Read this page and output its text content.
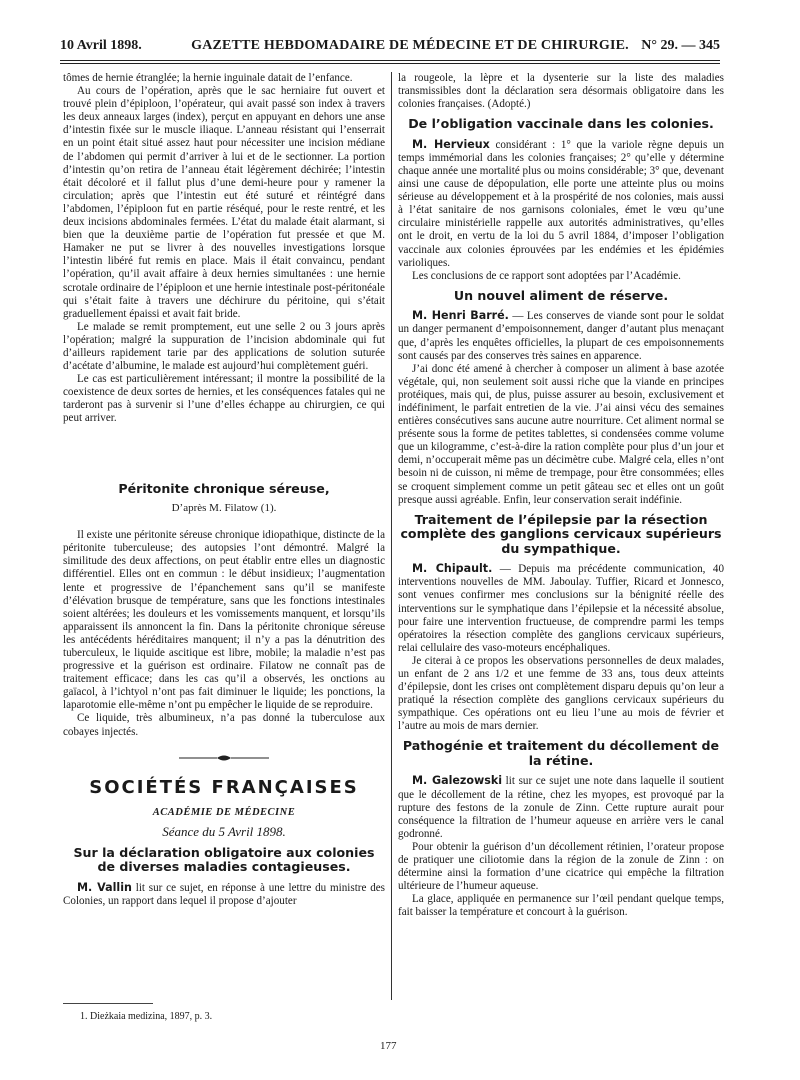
10 Avril 1898.	GAZETTE HEBDOMADAIRE DE MÉDECINE ET DE CHIRURGIE. N° 29. — 345

tômes de hernie étranglée; la hernie inguinale datait de l’enfance.

Au cours de l’opération, après que le sac herniaire fut ouvert et trouvé plein d’épiploon, l’opérateur, qui avait passé son index à travers les deux anneaux larges (index), perçut en appuyant en dehors une anse d’intestin fixée sur le muscle iliaque. L’anneau résistant qui l’enserrait en un point était situé assez haut pour nécessiter une incision médiane de l’abdomen qui permit d’arriver à lui et de le sectionner. La portion d’intestin qu’on retira de l’anneau était légèrement déchirée; l’intestin était décoloré et il fallut plus d’une demi-heure pour y ramener la circulation; après que l’intestin eut été suturé et réintégré dans l’abdomen, l’épiploon fut en partie réséqué, pour le reste rentré, et les deux incisions abdominales fermées. L’état du malade était alarmant, si bien que la deuxième partie de l’opération fut pressée et que M. Hamaker ne put se livrer à des nouvelles investigations lorsque l’intestin libéré fut remis en place. Mais il était convaincu, pendant l’opération, qu’il avait affaire à deux hernies simultanées : une hernie scrotale ordinaire de l’épiploon et une hernie intestinale post-péritonéale qui s’était faite à travers une déchirure du péritoine, qui s’était graduellement épaissi et avait fait bride.

Le malade se remit promptement, eut une selle 2 ou 3 jours après l’opération; malgré la suppuration de l’incision abdominale qui fut d’ailleurs rapidement tarie par des applications de solution suturée d’acétate d’albumine, le malade est aujourd’hui complètement guéri.

Le cas est particulièrement intéressant; il montre la possibilité de la coexistence de deux sortes de hernies, et les conséquences fatales qui ne tarderont pas à survenir si l’une d’elles échappe au chirurgien, ce qui peut arriver.

Péritonite chronique séreuse,
D’après M. Filatow (1).

Il existe une péritonite séreuse chronique idiopathique, distincte de la péritonite tuberculeuse; des autopsies l’ont démontré. Malgré la similitude des deux affections, on peut établir entre elles un diagnostic différentiel. Elles ont en commun : le début insidieux; l’augmentation lente et progressive de l’épanchement sans qu’il se manifeste d’élévation brusque de température, sans que les fonctions intestinales soient altérées; les douleurs et les vomissements manquent, et lorsqu’ils apparaissent ils annoncent la fin. Dans la péritonite chronique séreuse les antécédents héréditaires manquent; il n’y a pas la dénutrition des tuberculeux, le liquide ascitique est libre, mobile; la maladie n’est pas progressive et la guérison est ordinaire. Filatow ne connaît pas de traitement efficace; dans les cas qu’il a observés, les onctions au gaïacol, à l’ichtyol n’ont pas fait diminuer le liquide; les ponctions, la laparotomie elle-même n’ont pu empêcher le liquide de se reproduire.

Ce liquide, très albumineux, n’a pas donné la tuberculose aux cobayes injectés.

SOCIÉTÉS FRANÇAISES
ACADÉMIE DE MÉDECINE
Séance du 5 Avril 1898.
Sur la déclaration obligatoire aux colonies de diverses maladies contagieuses.

M. Vallin lit sur ce sujet, en réponse à une lettre du ministre des Colonies, un rapport dans lequel il propose d’ajouter

la rougeole, la lèpre et la dysenterie sur la liste des maladies transmissibles dont la déclaration sera désormais obligatoire dans les colonies françaises. (Adopté.)

De l’obligation vaccinale dans les colonies.

M. Hervieux considérant : 1° que la variole règne depuis un temps immémorial dans les colonies françaises; 2° qu’elle y détermine chaque année une mortalité plus ou moins considérable; 3° que, devenant ainsi une cause de dépopulation, elle porte une atteinte plus ou moins sérieuse au développement et à la prospérité de nos colonies, mais aussi à l’état sanitaire de nos garnisons coloniales, émet le vœu qu’une circulaire ministérielle rappelle aux autorités administratives, qu’elles ont le droit, en vertu de la loi du 5 avril 1884, d’imposer l’obligation vaccinale aux colonies éprouvées par les endémies et les épidémies varioliques.

Les conclusions de ce rapport sont adoptées par l’Académie.

Un nouvel aliment de réserve.

M. Henri Barré. — Les conserves de viande sont pour le soldat un danger permanent d’empoisonnement, danger d’autant plus menaçant que, d’après les enquêtes officielles, la plupart de ces empoisonnements sont causés par des conserves très saines en apparence.

J’ai donc été amené à chercher à composer un aliment à base azotée végétale, qui, non seulement soit aussi riche que la viande en principes protéiques, mais qui, de plus, puisse assurer au besoin, exclusivement et indéfiniment, le parfait entretien de la vie. J’ai ainsi vécu des semaines entières consécutives sans aucune autre nourriture. Cet aliment normal se présente sous la forme de petites tablettes, si condensées comme volume que un kilogramme, c’est-à-dire la ration complète pour plus d’un jour et demi, n’occuperait même pas un décimètre cube. Malgré cela, elles n’ont besoin ni de cuisson, ni même de trempage, pour être consommées; elles se croquent simplement comme un petit gâteau sec et elles ont un goût presque aussi agréable. Enfin, leur conservation serait indéfinie.

Traitement de l’épilepsie par la résection complète des ganglions cervicaux supérieurs du sympathique.

M. Chipault. — Depuis ma précédente communication, 40 interventions nouvelles de MM. Jaboulay. Tuffier, Ricard et Jonnesco, sont venues confirmer mes conclusions sur la bénignité réelle des interventions sur le symphatique dans l’épilepsie et la nécessité absolue, pour faire une intervention fructueuse, de comprendre parmi les temps opératoires la résection complète des ganglions cervicaux supérieurs, relai cellulaire des vaso-moteurs encéphaliques.

Je citerai à ce propos les observations personnelles de deux malades, un enfant de 2 ans 1/2 et une femme de 33 ans, tous deux atteints d’épilepsie, dont les crises ont complètement disparu depuis qu’on leur a pratiqué la résection complète des ganglions cervicaux supérieurs du sympathique. Ces opérations ont eu lieu l’une au mois de février et l’autre au mois de mars dernier.

Pathogénie et traitement du décollement de la rétine.

M. Galezowski lit sur ce sujet une note dans laquelle il soutient que le décollement de la rétine, chez les myopes, est provoqué par la rupture des festons de la zonule de Zinn. Cette rupture aurait pour conséquence la filtration de l’humeur aqueuse en arrière vers le canal godronné.

Pour obtenir la guérison d’un décollement rétinien, l’orateur propose de pratiquer une ciliotomie dans la région de la zonule de Zinn : on détermine ainsi la formation d’une cicatrice qui empêche la filtration ultérieure de l’humeur aqueuse.

La glace, appliquée en permanence sur l’œil pendant quelque temps, fait baisser la température et concourt à la guérison.

1. Dieżkaia medizina, 1897, p. 3.
177
